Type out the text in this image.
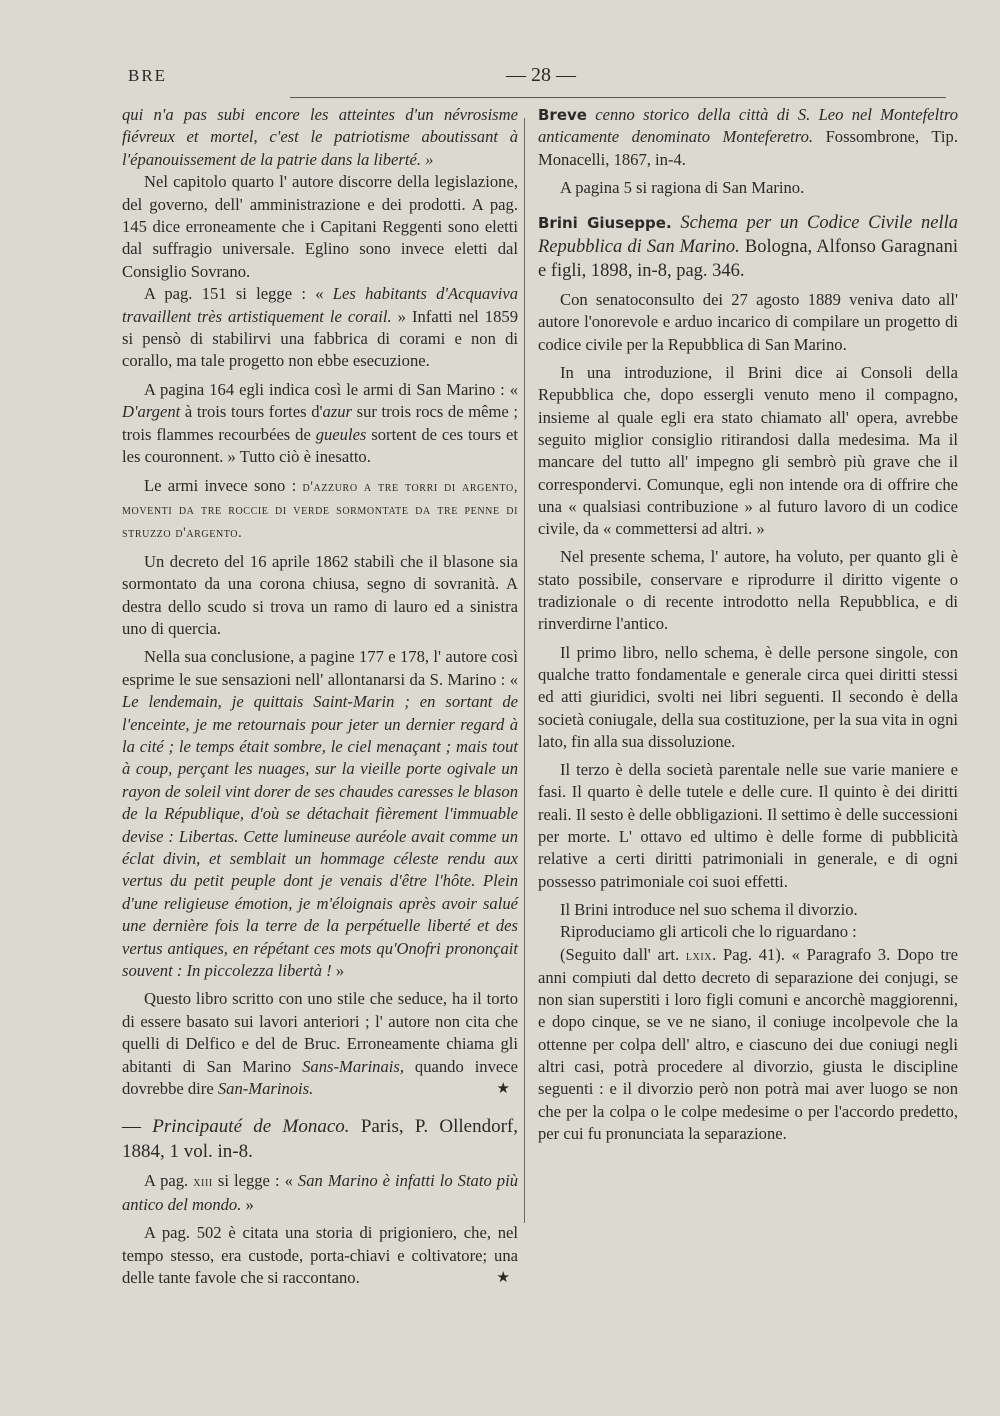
BRE	— 28 —

qui n'a pas subi encore les atteintes d'un névrosisme fiévreux et mortel, c'est le patriotisme aboutissant à l'épanouissement de la patrie dans la liberté. »

Nel capitolo quarto l' autore discorre della legislazione, del governo, dell' amministrazione e dei prodotti. A pag. 145 dice erroneamente che i Capitani Reggenti sono eletti dal suffragio universale. Eglino sono invece eletti dal Consiglio Sovrano.

A pag. 151 si legge : « Les habitants d'Acquaviva travaillent très artistiquement le corail. » Infatti nel 1859 si pensò di stabilirvi una fabbrica di corami e non di corallo, ma tale progetto non ebbe esecuzione.

A pagina 164 egli indica così le armi di San Marino : « D'argent à trois tours fortes d'azur sur trois rocs de même ; trois flammes recourbées de gueules sortent de ces tours et les couronnent. » Tutto ciò è inesatto.

Le armi invece sono : d'azzuro a tre torri di argento, moventi da tre roccie di verde sormontate da tre penne di struzzo d'argento.

Un decreto del 16 aprile 1862 stabilì che il blasone sia sormontato da una corona chiusa, segno di sovranità. A destra dello scudo si trova un ramo di lauro ed a sinistra uno di quercia.

Nella sua conclusione, a pagine 177 e 178, l' autore così esprime le sue sensazioni nell' allontanarsi da S. Marino : « Le lendemain, je quittais Saint-Marin ; en sortant de l'enceinte, je me retournais pour jeter un dernier regard à la cité ; le temps était sombre, le ciel menaçant ; mais tout à coup, perçant les nuages, sur la vieille porte ogivale un rayon de soleil vint dorer de ses chaudes caresses le blason de la République, d'où se détachait fièrement l'immuable devise : Libertas. Cette lumineuse auréole avait comme un éclat divin, et semblait un hommage céleste rendu aux vertus du petit peuple dont je venais d'être l'hôte. Plein d'une religieuse émotion, je m'éloignais après avoir salué une dernière fois la terre de la perpétuelle liberté et des vertus antiques, en répétant ces mots qu'Onofri prononçait souvent : In piccolezza libertà ! »

Questo libro scritto con uno stile che seduce, ha il torto di essere basato sui lavori anteriori ; l' autore non cita che quelli di Delfico e del de Bruc. Erroneamente chiama gli abitanti di San Marino Sans-Marinais, quando invece dovrebbe dire San-Marinois.	★

— Principauté de Monaco. Paris, P. Ollendorf, 1884, 1 vol. in-8.

A pag. xiii si legge : « San Marino è infatti lo Stato più antico del mondo. »

A pag. 502 è citata una storia di prigioniero, che, nel tempo stesso, era custode, porta-chiavi e coltivatore; una delle tante favole che si raccontano.	★

Breve cenno storico della città di S. Leo nel Montefeltro anticamente denominato Monteferetro. Fossombrone, Tip. Monacelli, 1867, in-4.

A pagina 5 si ragiona di San Marino.

Brini Giuseppe. Schema per un Codice Civile nella Repubblica di San Marino. Bologna, Alfonso Garagnani e figli, 1898, in-8, pag. 346.

Con senatoconsulto dei 27 agosto 1889 veniva dato all' autore l'onorevole e arduo incarico di compilare un progetto di codice civile per la Repubblica di San Marino.

In una introduzione, il Brini dice ai Consoli della Repubblica che, dopo essergli venuto meno il compagno, insieme al quale egli era stato chiamato all' opera, avrebbe seguito miglior consiglio ritirandosi dalla medesima. Ma il mancare del tutto all' impegno gli sembrò più grave che il correspondervi. Comunque, egli non intende ora di offrire che una « qualsiasi contribuzione » al futuro lavoro di un codice civile, da « commettersi ad altri. »

Nel presente schema, l' autore, ha voluto, per quanto gli è stato possibile, conservare e riprodurre il diritto vigente o tradizionale o di recente introdotto nella Repubblica, e di rinverdirne l'antico.

Il primo libro, nello schema, è delle persone singole, con qualche tratto fondamentale e generale circa quei diritti stessi ed atti giuridici, svolti nei libri seguenti. Il secondo è della società coniugale, della sua costituzione, per la sua vita in ogni lato, fin alla sua dissoluzione.

Il terzo è della società parentale nelle sue varie maniere e fasi. Il quarto è delle tutele e delle cure. Il quinto è dei diritti reali. Il sesto è delle obbligazioni. Il settimo è delle successioni per morte. L' ottavo ed ultimo è delle forme di pubblicità relative a certi diritti patrimoniali in generale, e di ogni possesso patrimoniale coi suoi effetti.

Il Brini introduce nel suo schema il divorzio.

Riproduciamo gli articoli che lo riguardano :

(Seguito dall' art. lxix. Pag. 41). « Paragrafo 3. Dopo tre anni compiuti dal detto decreto di separazione dei conjugi, se non sian superstiti i loro figli comuni e ancorchè maggiorenni, e dopo cinque, se ve ne siano, il coniuge incolpevole che la ottenne per colpa dell' altro, e ciascuno dei due coniugi negli altri casi, potrà procedere al divorzio, giusta le discipline seguenti : e il divorzio però non potrà mai aver luogo se non che per la colpa o le colpe medesime o per l'accordo predetto, per cui fu pronunciata la separazione.
